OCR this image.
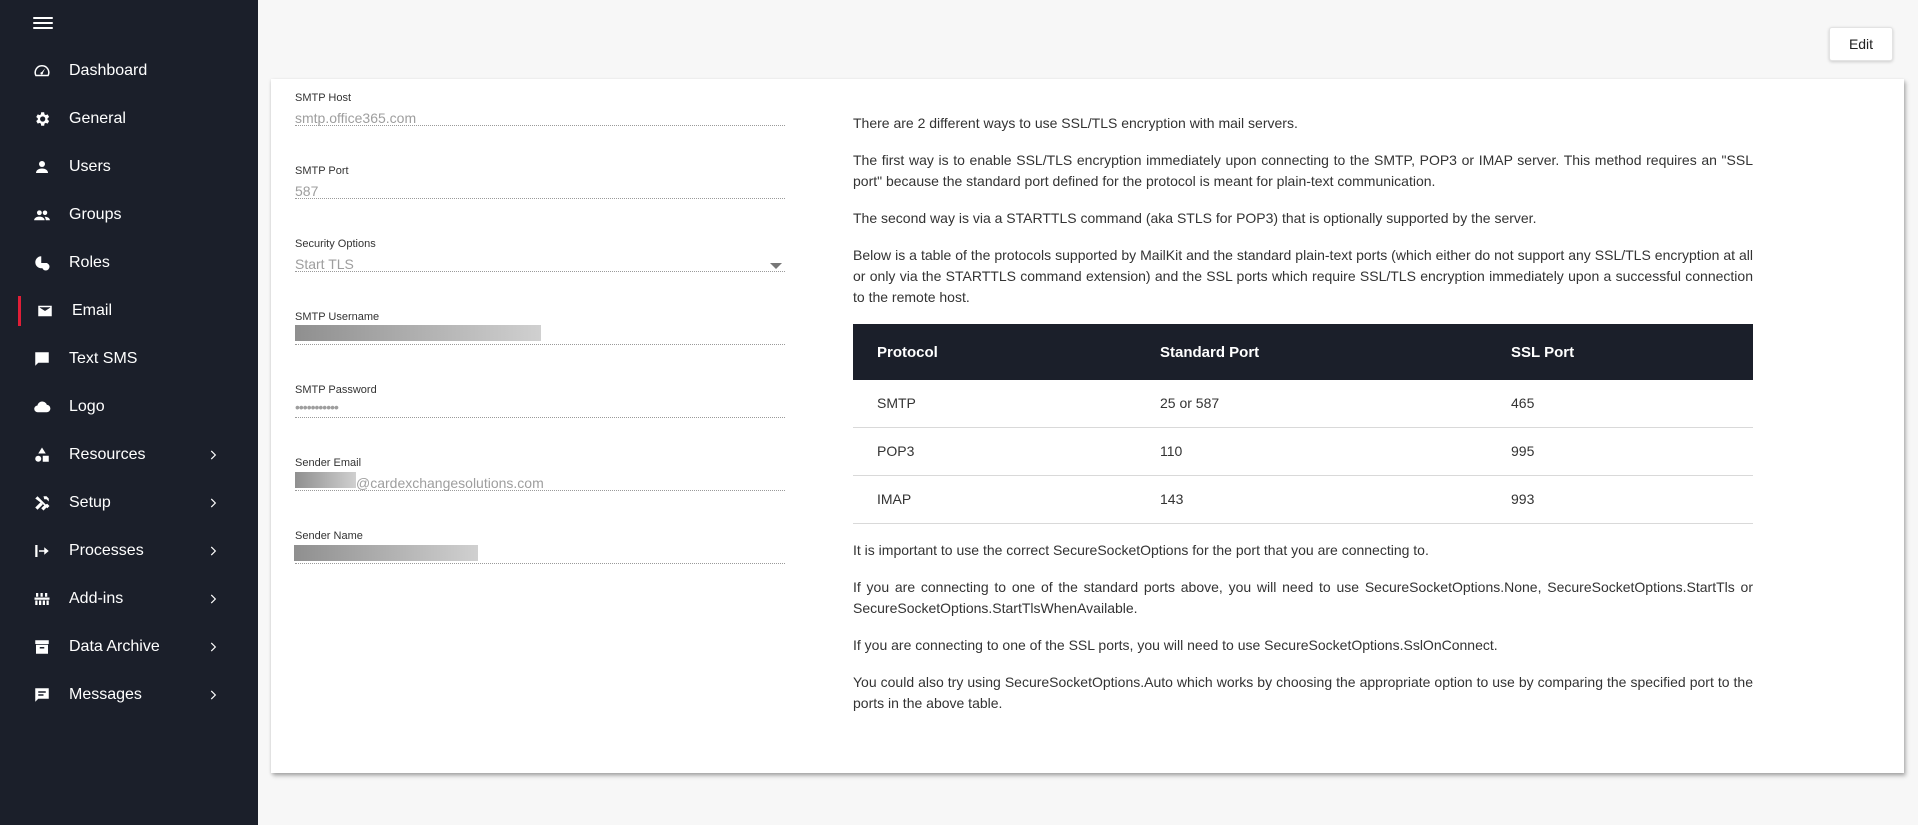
Dashboard
General
Users
Groups
Roles
Email
Text SMS
Logo
Resources
Setup
Processes
Add-ins
Data Archive
Messages
Edit
SMTP Host
smtp.office365.com
SMTP Port
587
Security Options
Start TLS
SMTP Username
SMTP Password
•••••••••••
Sender Email
@cardexchangesolutions.com
Sender Name

There are 2 different ways to use SSL/TLS encryption with mail servers.

The first way is to enable SSL/TLS encryption immediately upon connecting to the SMTP, POP3 or IMAP server. This method requires an "SSL port" because the standard port defined for the protocol is meant for plain-text communication.

The second way is via a STARTTLS command (aka STLS for POP3) that is optionally supported by the server.

Below is a table of the protocols supported by MailKit and the standard plain-text ports (which either do not support any SSL/TLS encryption at all or only via the STARTTLS command extension) and the SSL ports which require SSL/TLS encryption immediately upon a successful connection to the remote host.

Protocol	Standard Port	SSL Port
SMTP	25 or 587	465
POP3	110	995
IMAP	143	993

It is important to use the correct SecureSocketOptions for the port that you are connecting to.

If you are connecting to one of the standard ports above, you will need to use SecureSocketOptions.None, SecureSocketOptions.StartTls or SecureSocketOptions.StartTlsWhenAvailable.

If you are connecting to one of the SSL ports, you will need to use SecureSocketOptions.SslOnConnect.

You could also try using SecureSocketOptions.Auto which works by choosing the appropriate option to use by comparing the specified port to the ports in the above table.
